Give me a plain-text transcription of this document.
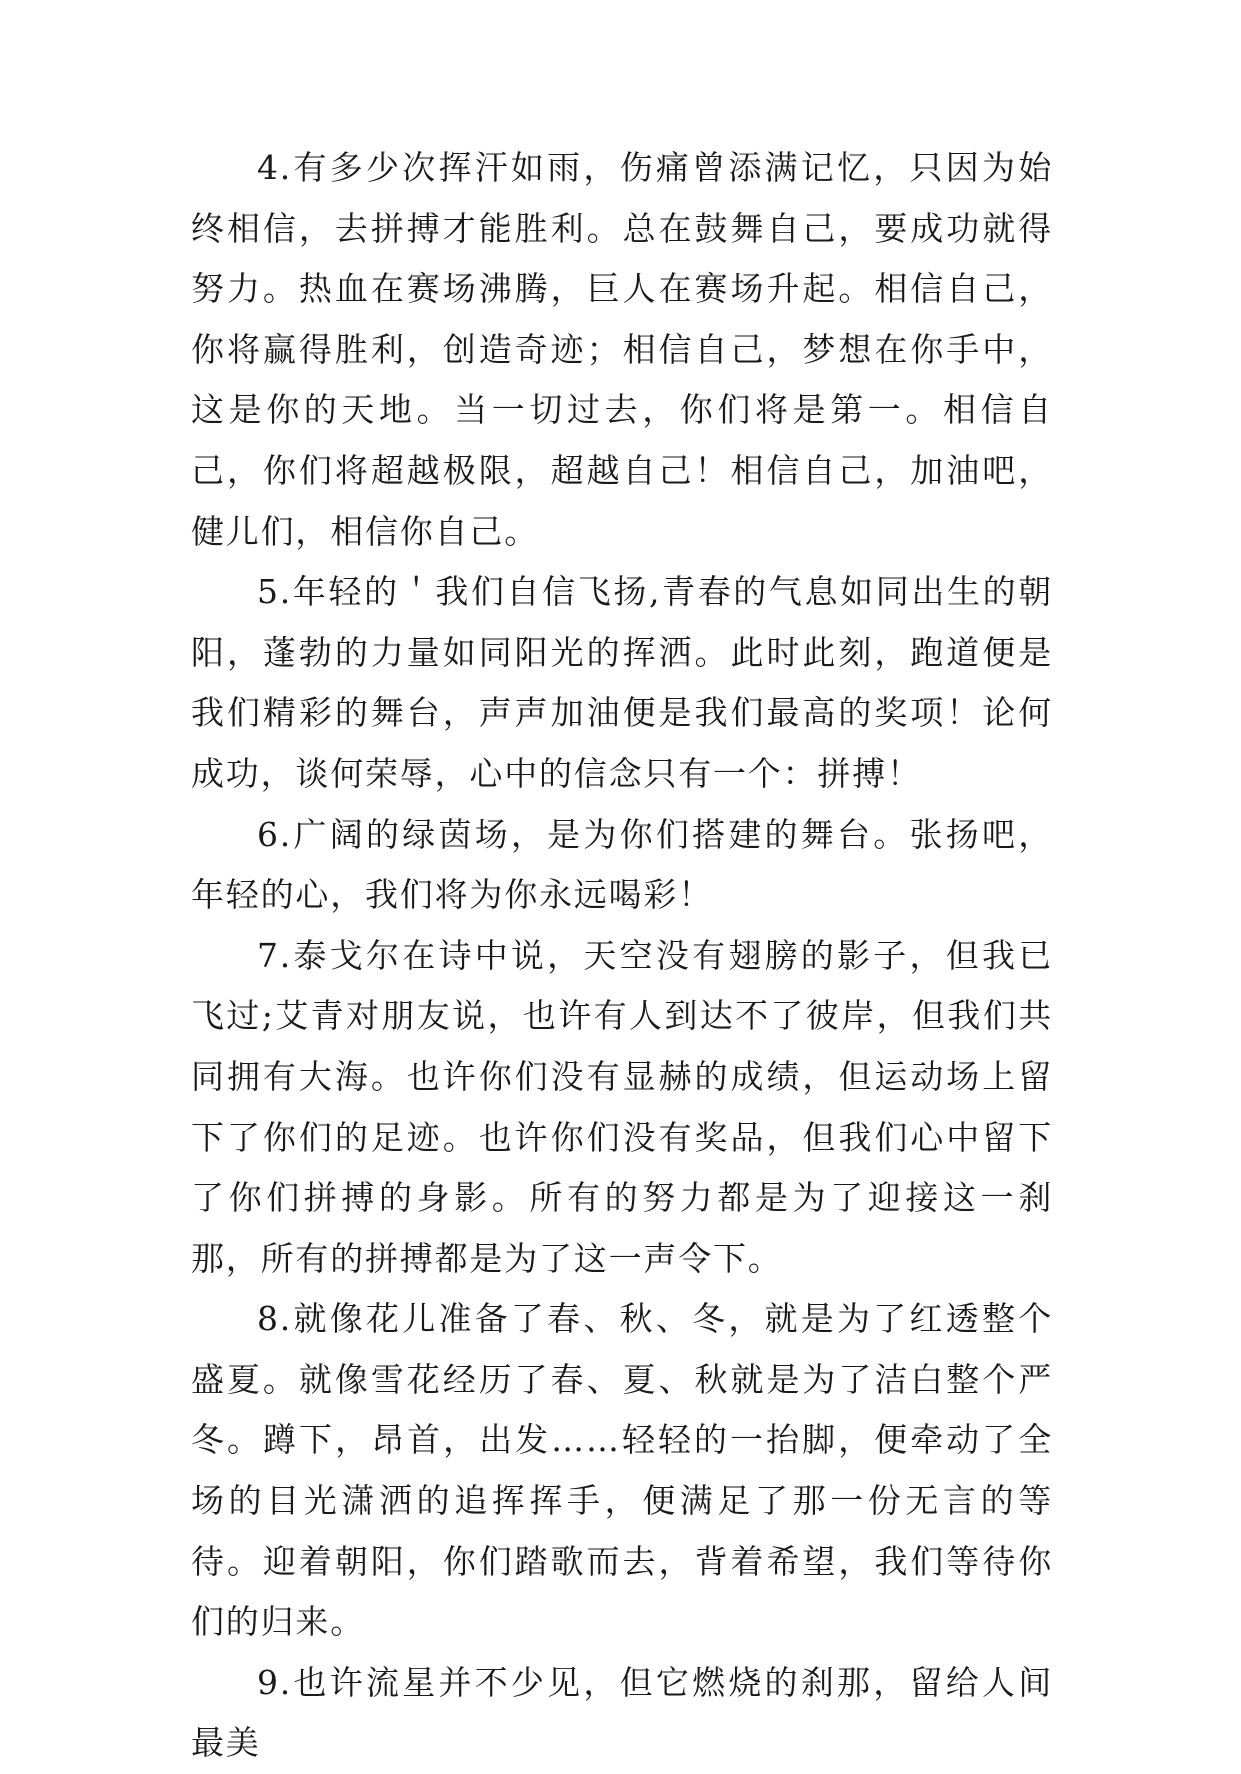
4.有多少次挥汗如雨，伤痛曾添满记忆，只因为始终相信，去拼搏才能胜利。总在鼓舞自己，要成功就得努力。热血在赛场沸腾，巨人在赛场升起。相信自己，你将赢得胜利，创造奇迹；相信自己，梦想在你手中，这是你的天地。当一切过去，你们将是第一。相信自己，你们将超越极限，超越自己！相信自己，加油吧，健儿们，相信你自己。

5.年轻的＇我们自信飞扬,青春的气息如同出生的朝阳，蓬勃的力量如同阳光的挥洒。此时此刻，跑道便是我们精彩的舞台，声声加油便是我们最高的奖项！论何成功，谈何荣辱，心中的信念只有一个：拼搏！

6.广阔的绿茵场，是为你们搭建的舞台。张扬吧，年轻的心，我们将为你永远喝彩！

7.泰戈尔在诗中说，天空没有翅膀的影子，但我已飞过;艾青对朋友说，也许有人到达不了彼岸，但我们共同拥有大海。也许你们没有显赫的成绩，但运动场上留下了你们的足迹。也许你们没有奖品，但我们心中留下了你们拼搏的身影。所有的努力都是为了迎接这一刹那，所有的拼搏都是为了这一声令下。

8.就像花儿准备了春、秋、冬，就是为了红透整个盛夏。就像雪花经历了春、夏、秋就是为了洁白整个严冬。蹲下，昂首，出发……轻轻的一抬脚，便牵动了全场的目光潇洒的追挥挥手，便满足了那一份无言的等待。迎着朝阳，你们踏歌而去，背着希望，我们等待你们的归来。

9.也许流星并不少见，但它燃烧的刹那，留给人间最美
